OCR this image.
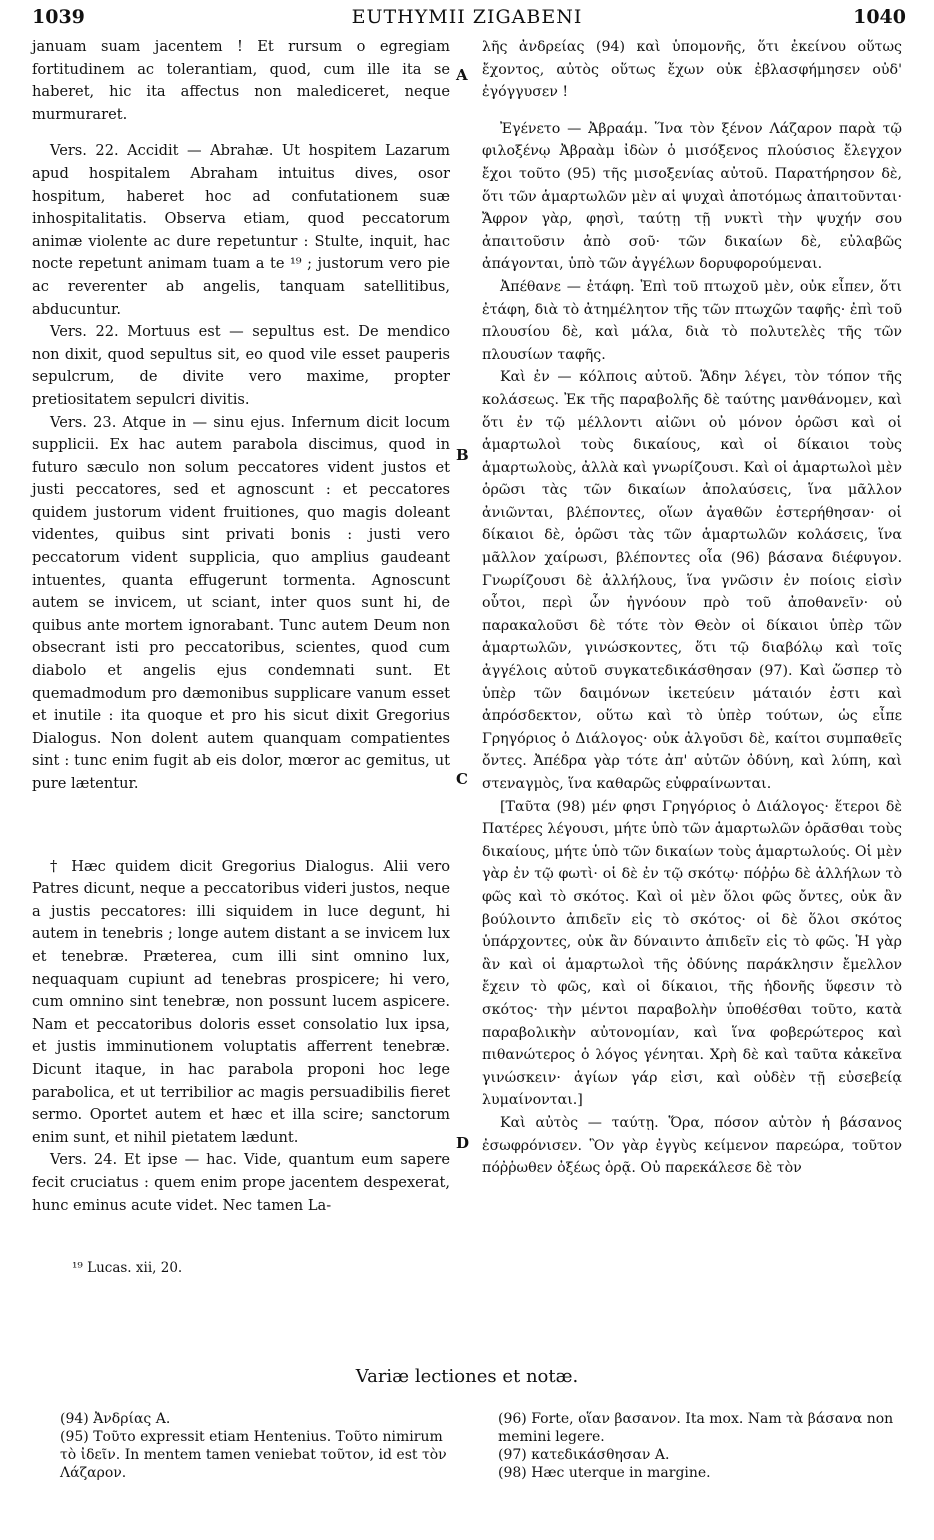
1039	EUTHYMII ZIGABENI	1040

januam suam jacentem ! Et rursum o egregiam fortitudinem ac tolerantiam, quod, cum ille ita se haberet, hic ita affectus non malediceret, neque murmuraret.

Vers. 22. Accidit — Abrahæ. Ut hospitem Lazarum apud hospitalem Abraham intuitus dives, osor hospitum, haberet hoc ad confutationem suæ inhospitalitatis. Observa etiam, quod peccatorum animæ violente ac dure repetuntur : Stulte, inquit, hac nocte repetunt animam tuam a te ¹⁹ ; justorum vero pie ac reverenter ab angelis, tanquam satellitibus, abducuntur.

Vers. 22. Mortuus est — sepultus est. De mendico non dixit, quod sepultus sit, eo quod vile esset pauperis sepulcrum, de divite vero maxime, propter pretiositatem sepulcri divitis.

Vers. 23. Atque in — sinu ejus. Infernum dicit locum supplicii. Ex hac autem parabola discimus, quod in futuro sæculo non solum peccatores vident justos et justi peccatores, sed et agnoscunt : et peccatores quidem justorum vident fruitiones, quo magis doleant videntes, quibus sint privati bonis : justi vero peccatorum vident supplicia, quo amplius gaudeant intuentes, quanta effugerunt tormenta. Agnoscunt autem se invicem, ut sciant, inter quos sunt hi, de quibus ante mortem ignorabant. Tunc autem Deum non obsecrant isti pro peccatoribus, scientes, quod cum diabolo et angelis ejus condemnati sunt. Et quemadmodum pro dæmonibus supplicare vanum esset et inutile : ita quoque et pro his sicut dixit Gregorius Dialogus. Non dolent autem quanquam compatientes sint : tunc enim fugit ab eis dolor, mœror ac gemitus, ut pure lætentur.

† Hæc quidem dicit Gregorius Dialogus. Alii vero Patres dicunt, neque a peccatoribus videri justos, neque a justis peccatores: illi siquidem in luce degunt, hi autem in tenebris ; longe autem distant a se invicem lux et tenebræ. Præterea, cum illi sint omnino lux, nequaquam cupiunt ad tenebras prospicere; hi vero, cum omnino sint tenebræ, non possunt lucem aspicere. Nam et peccatoribus doloris esset consolatio lux ipsa, et justis imminutionem voluptatis afferrent tenebræ. Dicunt itaque, in hac parabola proponi hoc lege parabolica, et ut terribilior ac magis persuadibilis fieret sermo. Oportet autem et hæc et illa scire; sanctorum enim sunt, et nihil pietatem lædunt.

Vers. 24. Et ipse — hac. Vide, quantum eum sapere fecit cruciatus : quem enim prope jacentem despexerat, hunc eminus acute videt. Nec tamen La-

¹⁹ Lucas. xii, 20.

A
B
C
D

λῆς ἀνδρείας (94) καὶ ὑπομονῆς, ὅτι ἐκείνου οὕτως ἔχοντος, αὐτὸς οὕτως ἔχων οὐκ ἐβλασφήμησεν οὐδ' ἐγόγγυσεν !

Ἐγένετο — Ἀβραάμ. Ἵνα τὸν ξένον Λάζαρον παρὰ τῷ φιλοξένῳ Ἀβραὰμ ἰδὼν ὁ μισόξενος πλούσιος ἔλεγχον ἔχοι τοῦτο (95) τῆς μισοξενίας αὐτοῦ. Παρατήρησον δὲ, ὅτι τῶν ἁμαρτωλῶν μὲν αἱ ψυχαὶ ἀποτόμως ἀπαιτοῦνται· Ἄφρον γὰρ, φησὶ, ταύτῃ τῇ νυκτὶ τὴν ψυχήν σου ἀπαιτοῦσιν ἀπὸ σοῦ· τῶν δικαίων δὲ, εὐλαβῶς ἀπάγονται, ὑπὸ τῶν ἀγγέλων δορυφορούμεναι.

Ἀπέθανε — ἐτάφη. Ἐπὶ τοῦ πτωχοῦ μὲν, οὐκ εἶπεν, ὅτι ἐτάφη, διὰ τὸ ἀτημέλητον τῆς τῶν πτωχῶν ταφῆς· ἐπὶ τοῦ πλουσίου δὲ, καὶ μάλα, διὰ τὸ πολυτελὲς τῆς τῶν πλουσίων ταφῆς.

Καὶ ἐν — κόλποις αὐτοῦ. Ἅδην λέγει, τὸν τόπον τῆς κολάσεως. Ἐκ τῆς παραβολῆς δὲ ταύτης μανθάνομεν, καὶ ὅτι ἐν τῷ μέλλοντι αἰῶνι οὐ μόνον ὁρῶσι καὶ οἱ ἁμαρτωλοὶ τοὺς δικαίους, καὶ οἱ δίκαιοι τοὺς ἁμαρτωλοὺς, ἀλλὰ καὶ γνωρίζουσι. Καὶ οἱ ἁμαρτωλοὶ μὲν ὁρῶσι τὰς τῶν δικαίων ἀπολαύσεις, ἵνα μᾶλλον ἀνιῶνται, βλέποντες, οἵων ἀγαθῶν ἐστερήθησαν· οἱ δίκαιοι δὲ, ὁρῶσι τὰς τῶν ἁμαρτωλῶν κολάσεις, ἵνα μᾶλλον χαίρωσι, βλέποντες οἷα (96) βάσανα διέφυγον. Γνωρίζουσι δὲ ἀλλήλους, ἵνα γνῶσιν ἐν ποίοις εἰσὶν οὗτοι, περὶ ὧν ἠγνόουν πρὸ τοῦ ἀποθανεῖν· οὐ παρακαλοῦσι δὲ τότε τὸν Θεὸν οἱ δίκαιοι ὑπὲρ τῶν ἁμαρτωλῶν, γινώσκοντες, ὅτι τῷ διαβόλῳ καὶ τοῖς ἀγγέλοις αὐτοῦ συγκατεδικάσθησαν (97). Καὶ ὥσπερ τὸ ὑπὲρ τῶν δαιμόνων ἱκετεύειν μάταιόν ἐστι καὶ ἀπρόσδεκτον, οὕτω καὶ τὸ ὑπὲρ τούτων, ὡς εἶπε Γρηγόριος ὁ Διάλογος· οὐκ ἀλγοῦσι δὲ, καίτοι συμπαθεῖς ὄντες. Ἀπέδρα γὰρ τότε ἀπ' αὐτῶν ὀδύνη, καὶ λύπη, καὶ στεναγμὸς, ἵνα καθαρῶς εὐφραίνωνται.

[Ταῦτα (98) μέν φησι Γρηγόριος ὁ Διάλογος· ἕτεροι δὲ Πατέρες λέγουσι, μήτε ὑπὸ τῶν ἁμαρτωλῶν ὁρᾶσθαι τοὺς δικαίους, μήτε ὑπὸ τῶν δικαίων τοὺς ἁμαρτωλούς. Οἱ μὲν γὰρ ἐν τῷ φωτὶ· οἱ δὲ ἐν τῷ σκότῳ· πόῤῥω δὲ ἀλλήλων τὸ φῶς καὶ τὸ σκότος. Καὶ οἱ μὲν ὅλοι φῶς ὄντες, οὐκ ἂν βούλοιντο ἀπιδεῖν εἰς τὸ σκότος· οἱ δὲ ὅλοι σκότος ὑπάρχοντες, οὐκ ἂν δύναιντο ἀπιδεῖν εἰς τὸ φῶς. Ἡ γὰρ ἂν καὶ οἱ ἁμαρτωλοὶ τῆς ὀδύνης παράκλησιν ἔμελλον ἔχειν τὸ φῶς, καὶ οἱ δίκαιοι, τῆς ἡδονῆς ὕφεσιν τὸ σκότος· τὴν μέντοι παραβολὴν ὑποθέσθαι τοῦτο, κατὰ παραβολικὴν αὐτονομίαν, καὶ ἵνα φοβερώτερος καὶ πιθανώτερος ὁ λόγος γένηται. Χρὴ δὲ καὶ ταῦτα κἀκεῖνα γινώσκειν· ἁγίων γάρ εἰσι, καὶ οὐδὲν τῇ εὐσεβείᾳ λυμαίνονται.]

Καὶ αὐτὸς — ταύτῃ. Ὅρα, πόσον αὐτὸν ἡ βάσανος ἐσωφρόνισεν. Ὃν γὰρ ἐγγὺς κείμενον παρεώρα, τοῦτον πόῤῥωθεν ὀξέως ὁρᾷ. Οὐ παρεκάλεσε δὲ τὸν

Variæ lectiones et notæ.
(94) Ἀνδρίας A.
(95) Τοῦτο expressit etiam Hentenius. Τοῦτο nimirum τὸ ἰδεῖν. In mentem tamen veniebat τοῦτον, id est τὸν Λάζαρον.
(96) Forte, οἵαν βασανον. Ita mox. Nam τὰ βάσανα non memini legere.
(97) κατεδικάσθησαν A.
(98) Hæc uterque in margine.
